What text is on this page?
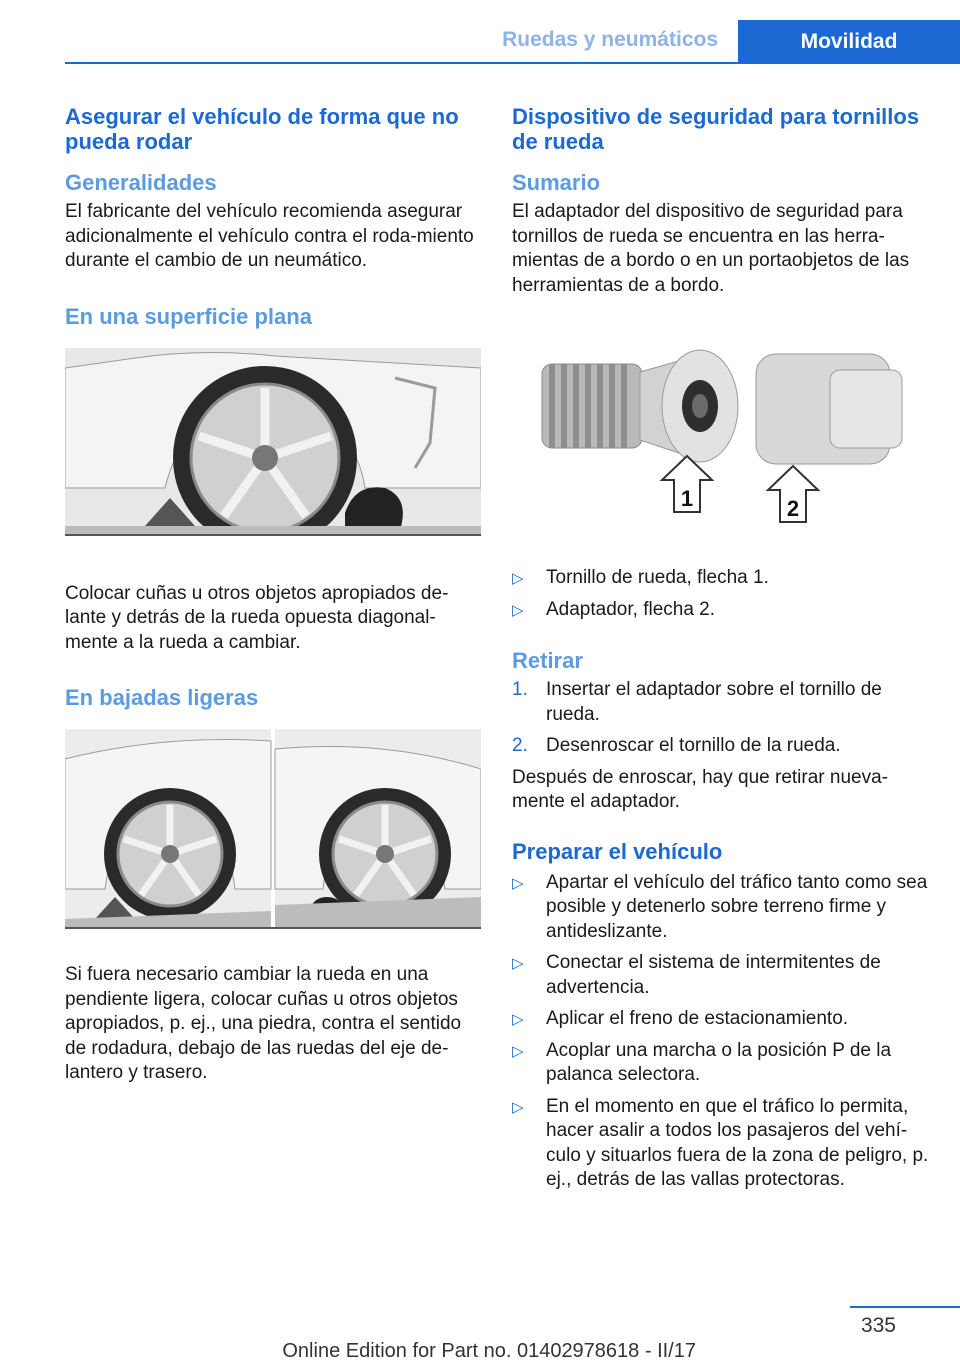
Ruedas y neumáticos	Movilidad
Asegurar el vehículo de forma que no pueda rodar
Generalidades

El fabricante del vehículo recomienda asegurar adicionalmente el vehículo contra el roda‐miento durante el cambio de un neumático.

En una superficie plana

Colocar cuñas u otros objetos apropiados de‐lante y detrás de la rueda opuesta diagonal‐mente a la rueda a cambiar.

En bajadas ligeras

Si fuera necesario cambiar la rueda en una pendiente ligera, colocar cuñas u otros objetos apropiados, p. ej., una piedra, contra el sentido de rodadura, debajo de las ruedas del eje de‐lantero y trasero.

Dispositivo de seguridad para tornillos de rueda
Sumario

El adaptador del dispositivo de seguridad para tornillos de rueda se encuentra en las herra‐mientas de a bordo o en un portaobjetos de las herramientas de a bordo.

1	2
▷ Tornillo de rueda, flecha 1.
▷ Adaptador, flecha 2.
Retirar
1. Insertar el adaptador sobre el tornillo de rueda.
2. Desenroscar el tornillo de la rueda.

Después de enroscar, hay que retirar nueva‐mente el adaptador.

Preparar el vehículo
▷ Apartar el vehículo del tráfico tanto como sea posible y detenerlo sobre terreno firme y antideslizante.
▷ Conectar el sistema de intermitentes de advertencia.
▷ Aplicar el freno de estacionamiento.
▷ Acoplar una marcha o la posición P de la palanca selectora.
▷ En el momento en que el tráfico lo permita, hacer asalir a todos los pasajeros del vehí‐culo y situarlos fuera de la zona de peligro, p. ej., detrás de las vallas protectoras.
335
Online Edition for Part no. 01402978618 - II/17
